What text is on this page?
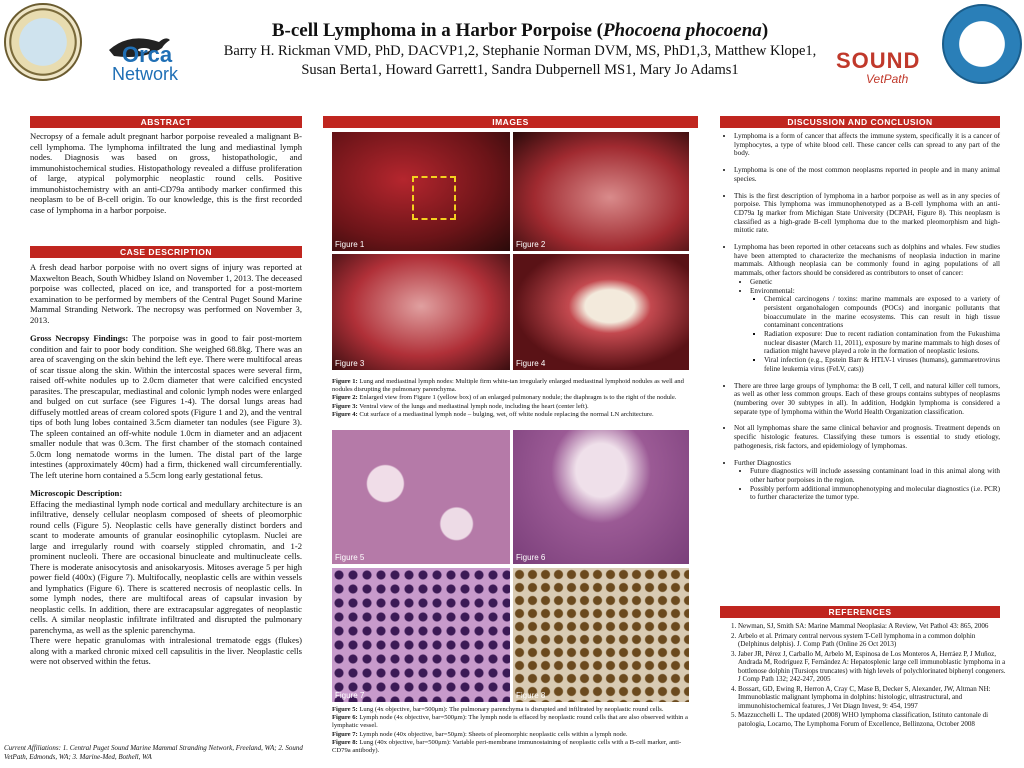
Orca
Network
B-cell Lymphoma in a Harbor Porpoise (Phocoena phocoena)
Barry H. Rickman VMD, PhD, DACVP1,2, Stephanie Norman DVM, MS, PhD1,3, Matthew Klope1,
Susan Berta1, Howard Garrett1, Sandra Dubpernell MS1, Mary Jo Adams1	SOUND
VetPath
ABSTRACT
Necropsy of a female adult pregnant harbor porpoise revealed a malignant B-cell lymphoma. The lymphoma infiltrated the lung and mediastinal lymph nodes. Diagnosis was based on gross, histopathologic, and immunohistochemical studies. Histopathology revealed a diffuse proliferation of large, atypical polymorphic neoplastic round cells. Positive immunohistochemistry with an anti-CD79a antibody marker confirmed this neoplasm to be of B-cell origin. To our knowledge, this is the first recorded case of lymphoma in a harbor porpoise.
CASE DESCRIPTION

A fresh dead harbor porpoise with no overt signs of injury was reported at Maxwelton Beach, South Whidbey Island on November 1, 2013. The deceased porpoise was collected, placed on ice, and transported for a post-mortem examination to be performed by members of the Central Puget Sound Marine Mammal Stranding Network. The necropsy was performed on November 3, 2013.

Gross Necropsy Findings: The porpoise was in good to fair post-mortem condition and fair to poor body condition. She weighed 68.8kg. There was an area of scavenging on the skin behind the left eye. There were multifocal areas of scar tissue along the skin. Within the intercostal spaces were several firm, raised off-white nodules up to 2.0cm diameter that were calcified encysted parasites. The prescapular, mediastinal and colonic lymph nodes were enlarged and bulged on cut surface (see Figures 1-4). The dorsal lungs areas had diffusely mottled areas of cream colored spots (Figure 1 and 2), and the ventral tips of both lung lobes contained 3.5cm diameter tan nodules (see Figure 3). The spleen contained an off-white nodule 1.0cm in diameter and an adjacent smaller nodule that was 0.3cm. The first chamber of the stomach contained 5.0cm long nematode worms in the lumen. The distal part of the large intestines (approximately 40cm) had a firm, thickened wall circumferentially. The left uterine horn contained a 5.5cm long early gestational fetus.

Microscopic Description:
Effacing the mediastinal lymph node cortical and medullary architecture is an infiltrative, densely cellular neoplasm composed of sheets of pleomorphic round cells (Figure 5). Neoplastic cells have generally distinct borders and scant to moderate amounts of granular eosinophilic cytoplasm. Nuclei are large and irregularly round with coarsely stippled chromatin, and 1-2 prominent nucleoli. There are occasional binucleate and multinucleate cells. There is moderate anisocytosis and anisokaryosis. Mitoses average 5 per high power field (400x) (Figure 7). Multifocally, neoplastic cells are within vessels and lymphatics (Figure 6). There is scattered necrosis of neoplastic cells. In some lymph nodes, there are multifocal areas of capsular invasion by neoplastic cells. In addition, there are extracapsular aggregates of neoplastic cells. A similar neoplastic infiltrate infiltrated and disrupted the pulmonary parenchyma, as well as the splenic parenchyma.
There were hepatic granulomas with intralesional trematode eggs (flukes) along with a marked chronic mixed cell capsulitis in the liver. Neoplastic cells were not observed within the fetus.
Current Affiliations: 1. Central Puget Sound Marine Mammal Stranding Network, Freeland, WA; 2. Sound VetPath, Edmonds, WA; 3. Marine-Med, Bothell, WA
IMAGES
Figure 1	Figure 2
Figure 3	Figure 4
Figure 1: Lung and mediastinal lymph nodes: Multiple firm white-tan irregularly enlarged mediastinal lymphoid nodules as well and nodules disrupting the pulmonary parenchyma.
Figure 2: Enlarged view from Figure 1 (yellow box) of an enlarged pulmonary nodule; the diaphragm is to the right of the nodule.
Figure 3: Ventral view of the lungs and mediastinal lymph node, including the heart (center left).
Figure 4: Cut surface of a mediastinal lymph node – bulging, wet, off white nodule replacing the normal LN architecture.
Figure 5	Figure 6
Figure 7	Figure 8
Figure 5: Lung (4x objective, bar=500μm): The pulmonary parenchyma is disrupted and infiltrated by neoplastic round cells.
Figure 6: Lymph node (4x objective, bar=500μm): The lymph node is effaced by neoplastic round cells that are also observed within a lymphatic vessel.
Figure 7: Lymph node (40x objective, bar=50μm): Sheets of pleomorphic neoplastic cells within a lymph node.
Figure 8: Lung (40x objective, bar=500μm): Variable peri-membrane immunostaining of neoplastic cells with a B-cell marker, anti-CD79a antibody).
DISCUSSION AND CONCLUSION
• Lymphoma is a form of cancer that affects the immune system, specifically it is a cancer of lymphocytes, a type of white blood cell. These cancer cells can spread to any part of the body.
• Lymphoma is one of the most common neoplasms reported in people and in many animal species.
• This is the first description of lymphoma in a harbor porpoise as well as in any species of porpoise. This lymphoma was immunophenotyped as a B-cell lymphoma with an anti-CD79a Ig marker from Michigan State University (DCPAH, Figure 8). This neoplasm is classified as a high-grade B-cell lymphoma due to the marked pleomorphism and high-mitotic rate.
• Lymphoma has been reported in other cetaceans such as dolphins and whales. Few studies have been attempted to characterize the mechanisms of neoplasia induction in marine mammals. Although neoplasia can be commonly found in aging populations of all mammals, other factors should be considered as contributors to onset of cancer:
• Genetic
• Environmental:
▪ Chemical carcinogens / toxins: marine mammals are exposed to a variety of persistent organohalogen compounds (POCs) and inorganic pollutants that bioaccumulate in the marine ecosystems. This can result in high tissue contaminant concentrations
▪ Radiation exposure: Due to recent radiation contamination from the Fukushima nuclear disaster (March 11, 2011), exposure by marine mammals to high doses of radiation might haveve played a role in the formation of neoplastic lesions.
▪ Viral infection (e.g., Epstein Barr & HTLV-1 viruses (humans), gammaretrovirus feline leukemia virus (FeLV, cats))
• There are three large groups of lymphoma: the B cell, T cell, and natural killer cell tumors, as well as other less common groups. Each of these groups contains subtypes of neoplasms (numbering over 30 subtypes in all). In addition, Hodgkin lymphoma is considered a separate type of lymphoma within the World Health Organization classification.
• Not all lymphomas share the same clinical behavior and prognosis. Treatment depends on specific histologic features. Classifying these tumors is essential to study etiology, pathogenesis, risk factors, and epidemiology of lymphomas.
• Further Diagnostics
• Future diagnostics will include assessing contaminant load in this animal along with other harbor porpoises in the region.
• Possibly perform additional immunophenotyping and molecular diagnostics (i.e. PCR) to further characterize the tumor type.
REFERENCES
1. Newman, SJ, Smith SA: Marine Mammal Neoplasia: A Review, Vet Pathol 43: 865, 2006
2. Arbelo et al. Primary central nervous system T-Cell lymphoma in a common dolphin (Delphinus delphis). J. Comp Path (Online 26 Oct 2013)
3. Jaber JR, Pérez J, Carballo M, Arbelo M, Espinosa de Los Monteros A, Herráez P, J Muñoz, Andrada M, Rodríguez F, Fernández A: Hepatosplenic large cell immunoblastic lymphoma in a bottlenose dolphin (Tursiops truncates) with high levels of polychlorinated biphenyl congeners. J Comp Path 132; 242-247, 2005
4. Bossart, GD, Ewing R, Herron A, Cray C, Mase B, Decker S, Alexander, JW, Altman NH: Immunoblastic malignant lymphoma in dolphins: histologic, ultrastructural, and immunohistochemical features, J Vet Diagn Invest, 9: 454, 1997
5. Mazzucchelli L. The updated (2008) WHO lymphoma classification, Istituto cantonale di patologia, Locarno, The Lymphoma Forum of Excellence, Bellinzona, October 2008
